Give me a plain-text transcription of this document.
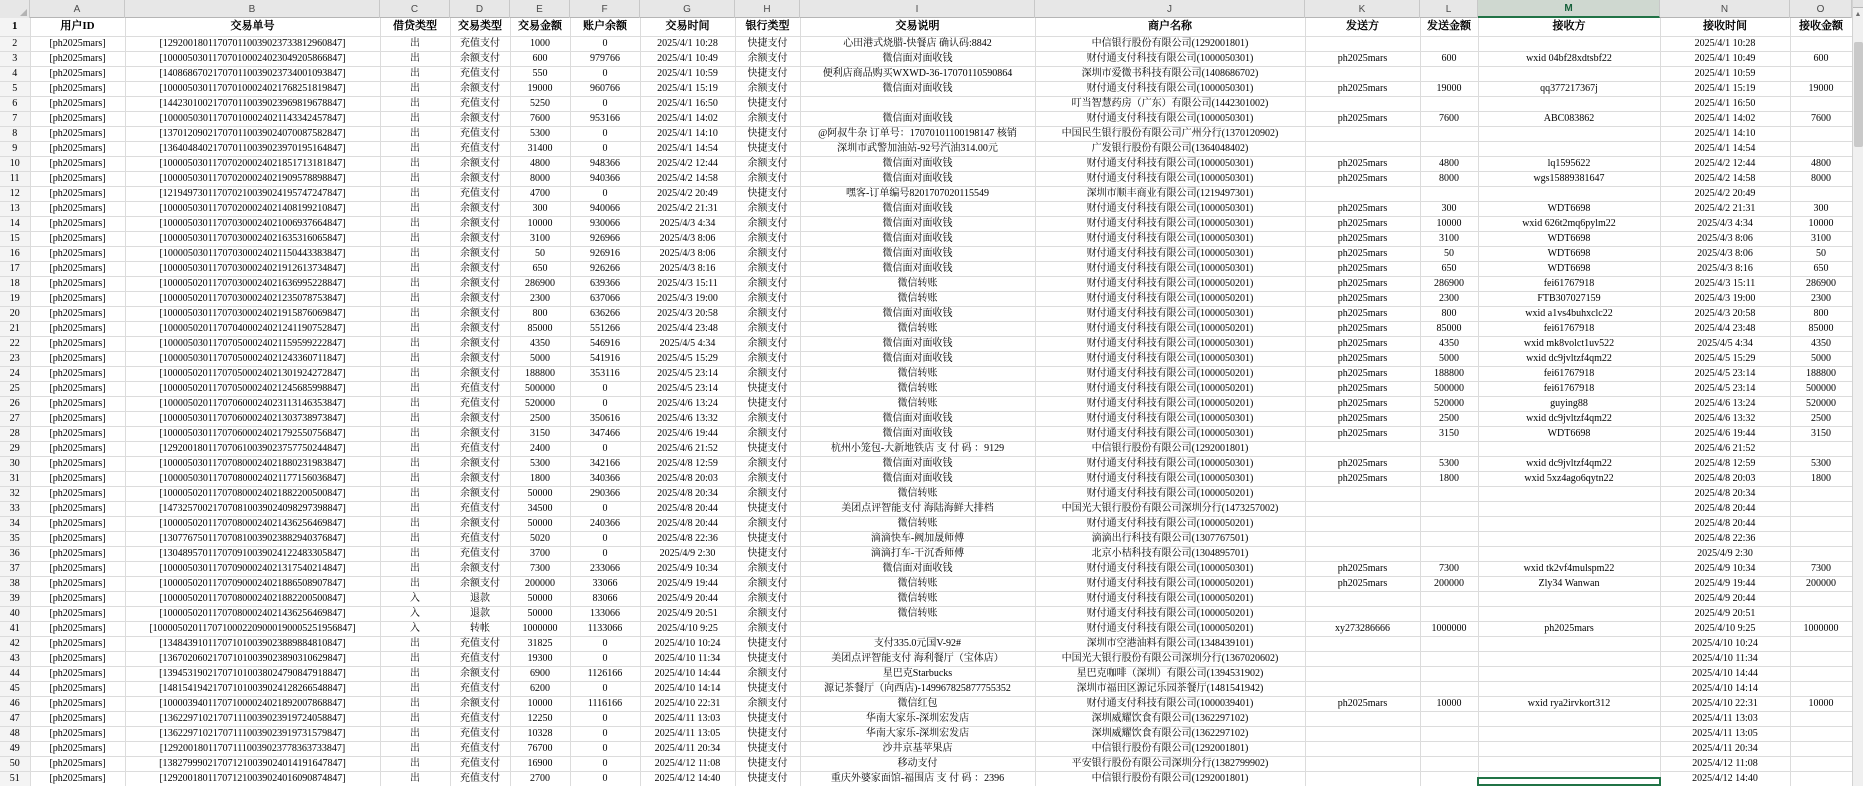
A	B	C	D	E	F	G	H	I	J	K	L	M	N	O
1	用户ID	交易单号	借贷类型	交易类型	交易金额	账户余额	交易时间	银行类型	交易说明	商户名称	发送方	发送金额	接收方	接收时间	接收金额
2	[ph2025mars]	[129200180117070110039023733812960847]	出	充值支付	1000	0	2025/4/1 10:28	快捷支付	心田港式烧腊-快餐店 确认码:8842	中信银行股份有限公司(1292001801)				2025/4/1 10:28	
3	[ph2025mars]	[100005030117070100024023049205866847]	出	余额支付	600	979766	2025/4/1 10:49	余额支付	微信面对面收钱	财付通支付科技有限公司(1000050301)	ph2025mars	600	wxid 04bf28xdtsbf22	2025/4/1 10:49	600
4	[ph2025mars]	[140868670217070110039023734001093847]	出	充值支付	550	0	2025/4/1 10:59	快捷支付	便利店商品购买WXWD-36-17070110590864	深圳市爱微书科技有限公司(1408686702)				2025/4/1 10:59	
5	[ph2025mars]	[100005030117070100024021768251819847]	出	余额支付	19000	960766	2025/4/1 15:19	余额支付	微信面对面收钱	财付通支付科技有限公司(1000050301)	ph2025mars	19000	qq377217367j	2025/4/1 15:19	19000
6	[ph2025mars]	[144230100217070110039023969819678847]	出	充值支付	5250	0	2025/4/1 16:50	快捷支付		叮当智慧药房（广东）有限公司(1442301002)				2025/4/1 16:50	
7	[ph2025mars]	[100005030117070100024021143342457847]	出	余额支付	7600	953166	2025/4/1 14:02	余额支付	微信面对面收钱	财付通支付科技有限公司(1000050301)	ph2025mars	7600	ABC083862	2025/4/1 14:02	7600
8	[ph2025mars]	[137012090217070110039024070087582847]	出	充值支付	5300	0	2025/4/1 14:10	快捷支付	@阿叔牛杂 订单号：17070101100198147 核销	中国民生银行股份有限公司广州分行(1370120902)				2025/4/1 14:10	
9	[ph2025mars]	[136404840217070110039023970195164847]	出	充值支付	31400	0	2025/4/1 14:54	快捷支付	深圳市武警加油站-92号汽油314.00元	广发银行股份有限公司(1364048402)				2025/4/1 14:54	
10	[ph2025mars]	[100005030117070200024021851713181847]	出	余额支付	4800	948366	2025/4/2 12:44	余额支付	微信面对面收钱	财付通支付科技有限公司(1000050301)	ph2025mars	4800	lq1595622	2025/4/2 12:44	4800
11	[ph2025mars]	[100005030117070200024021909578898847]	出	余额支付	8000	940366	2025/4/2 14:58	余额支付	微信面对面收钱	财付通支付科技有限公司(1000050301)	ph2025mars	8000	wgs15889381647	2025/4/2 14:58	8000
12	[ph2025mars]	[121949730117070210039024195747247847]	出	充值支付	4700	0	2025/4/2 20:49	快捷支付	嘿客-订单编号8201707020115549	深圳市顺丰商业有限公司(1219497301)				2025/4/2 20:49	
13	[ph2025mars]	[100005030117070200024021408199210847]	出	余额支付	300	940066	2025/4/2 21:31	余额支付	微信面对面收钱	财付通支付科技有限公司(1000050301)	ph2025mars	300	WDT6698	2025/4/2 21:31	300
14	[ph2025mars]	[100005030117070300024021006937664847]	出	余额支付	10000	930066	2025/4/3 4:34	余额支付	微信面对面收钱	财付通支付科技有限公司(1000050301)	ph2025mars	10000	wxid 626t2mq6pylm22	2025/4/3 4:34	10000
15	[ph2025mars]	[100005030117070300024021635316065847]	出	余额支付	3100	926966	2025/4/3 8:06	余额支付	微信面对面收钱	财付通支付科技有限公司(1000050301)	ph2025mars	3100	WDT6698	2025/4/3 8:06	3100
16	[ph2025mars]	[100005030117070300024021150443383847]	出	余额支付	50	926916	2025/4/3 8:06	余额支付	微信面对面收钱	财付通支付科技有限公司(1000050301)	ph2025mars	50	WDT6698	2025/4/3 8:06	50
17	[ph2025mars]	[100005030117070300024021912613734847]	出	余额支付	650	926266	2025/4/3 8:16	余额支付	微信面对面收钱	财付通支付科技有限公司(1000050301)	ph2025mars	650	WDT6698	2025/4/3 8:16	650
18	[ph2025mars]	[100005020117070300024021636995228847]	出	余额支付	286900	639366	2025/4/3 15:11	余额支付	微信转账	财付通支付科技有限公司(1000050201)	ph2025mars	286900	fei61767918	2025/4/3 15:11	286900
19	[ph2025mars]	[100005020117070300024021235078753847]	出	余额支付	2300	637066	2025/4/3 19:00	余额支付	微信转账	财付通支付科技有限公司(1000050201)	ph2025mars	2300	FTB307027159	2025/4/3 19:00	2300
20	[ph2025mars]	[100005030117070300024021915876069847]	出	余额支付	800	636266	2025/4/3 20:58	余额支付	微信面对面收钱	财付通支付科技有限公司(1000050301)	ph2025mars	800	wxid a1vs4buhxclc22	2025/4/3 20:58	800
21	[ph2025mars]	[100005020117070400024021241190752847]	出	余额支付	85000	551266	2025/4/4 23:48	余额支付	微信转账	财付通支付科技有限公司(1000050201)	ph2025mars	85000	fei61767918	2025/4/4 23:48	85000
22	[ph2025mars]	[100005030117070500024021159599222847]	出	余额支付	4350	546916	2025/4/5 4:34	余额支付	微信面对面收钱	财付通支付科技有限公司(1000050301)	ph2025mars	4350	wxid mk8volct1uv522	2025/4/5 4:34	4350
23	[ph2025mars]	[100005030117070500024021243360711847]	出	余额支付	5000	541916	2025/4/5 15:29	余额支付	微信面对面收钱	财付通支付科技有限公司(1000050301)	ph2025mars	5000	wxid dc9jvltzf4qm22	2025/4/5 15:29	5000
24	[ph2025mars]	[100005020117070500024021301924272847]	出	余额支付	188800	353116	2025/4/5 23:14	余额支付	微信转账	财付通支付科技有限公司(1000050201)	ph2025mars	188800	fei61767918	2025/4/5 23:14	188800
25	[ph2025mars]	[100005020117070500024021245685998847]	出	充值支付	500000	0	2025/4/5 23:14	快捷支付	微信转账	财付通支付科技有限公司(1000050201)	ph2025mars	500000	fei61767918	2025/4/5 23:14	500000
26	[ph2025mars]	[100005020117070600024023113146353847]	出	充值支付	520000	0	2025/4/6 13:24	快捷支付	微信转账	财付通支付科技有限公司(1000050201)	ph2025mars	520000	guying88	2025/4/6 13:24	520000
27	[ph2025mars]	[100005030117070600024021303738973847]	出	余额支付	2500	350616	2025/4/6 13:32	余额支付	微信面对面收钱	财付通支付科技有限公司(1000050301)	ph2025mars	2500	wxid dc9jvltzf4qm22	2025/4/6 13:32	2500
28	[ph2025mars]	[100005030117070600024021792550756847]	出	余额支付	3150	347466	2025/4/6 19:44	余额支付	微信面对面收钱	财付通支付科技有限公司(1000050301)	ph2025mars	3150	WDT6698	2025/4/6 19:44	3150
29	[ph2025mars]	[129200180117070610039023757750244847]	出	充值支付	2400	0	2025/4/6 21:52	快捷支付	杭州小笼包-大新地铁店 支 付 码 ：9129	中信银行股份有限公司(1292001801)				2025/4/6 21:52	
30	[ph2025mars]	[100005030117070800024021880231983847]	出	余额支付	5300	342166	2025/4/8 12:59	余额支付	微信面对面收钱	财付通支付科技有限公司(1000050301)	ph2025mars	5300	wxid dc9jvltzf4qm22	2025/4/8 12:59	5300
31	[ph2025mars]	[100005030117070800024021177156036847]	出	余额支付	1800	340366	2025/4/8 20:03	余额支付	微信面对面收钱	财付通支付科技有限公司(1000050301)	ph2025mars	1800	wxid 5xz4ago6qytn22	2025/4/8 20:03	1800
32	[ph2025mars]	[100005020117070800024021882200500847]	出	余额支付	50000	290366	2025/4/8 20:34	余额支付	微信转账	财付通支付科技有限公司(1000050201)				2025/4/8 20:34	
33	[ph2025mars]	[147325700217070810039024098297398847]	出	充值支付	34500	0	2025/4/8 20:44	快捷支付	美团点评智能支付 海陆海鲜大排档	中国光大银行股份有限公司深圳分行(1473257002)				2025/4/8 20:44	
34	[ph2025mars]	[100005020117070800024021436256469847]	出	余额支付	50000	240366	2025/4/8 20:44	余额支付	微信转账	财付通支付科技有限公司(1000050201)				2025/4/8 20:44	
35	[ph2025mars]	[130776750117070810039023882940376847]	出	充值支付	5020	0	2025/4/8 22:36	快捷支付	滴滴快车-阙加晟师傅	滴滴出行科技有限公司(1307767501)				2025/4/8 22:36	
36	[ph2025mars]	[130489570117070910039024122483305847]	出	充值支付	3700	0	2025/4/9 2:30	快捷支付	滴滴打车-干沉香师傅	北京小桔科技有限公司(1304895701)				2025/4/9 2:30	
37	[ph2025mars]	[100005030117070900024021317540214847]	出	余额支付	7300	233066	2025/4/9 10:34	余额支付	微信面对面收钱	财付通支付科技有限公司(1000050301)	ph2025mars	7300	wxid tk2vf4mulspm22	2025/4/9 10:34	7300
38	[ph2025mars]	[100005020117070900024021886508907847]	出	余额支付	200000	33066	2025/4/9 19:44	余额支付	微信转账	财付通支付科技有限公司(1000050201)	ph2025mars	200000	Zly34 Wanwan	2025/4/9 19:44	200000
39	[ph2025mars]	[100005020117070800024021882200500847]	入	退款	50000	83066	2025/4/9 20:44	余额支付	微信转账	财付通支付科技有限公司(1000050201)				2025/4/9 20:44	
40	[ph2025mars]	[100005020117070800024021436256469847]	入	退款	50000	133066	2025/4/9 20:51	余额支付	微信转账	财付通支付科技有限公司(1000050201)				2025/4/9 20:51	
41	[ph2025mars]	[1000050201170710002209000190005251956847]	入	转帐	1000000	1133066	2025/4/10 9:25	余额支付		财付通支付科技有限公司(1000050201)	xy273286666	1000000	ph2025mars	2025/4/10 9:25	1000000
42	[ph2025mars]	[134843910117071010039023889884810847]	出	充值支付	31825	0	2025/4/10 10:24	快捷支付	支付335.0元国V-92#	深圳市空港油料有限公司(1348439101)				2025/4/10 10:24	
43	[ph2025mars]	[136702060217071010039023890310629847]	出	充值支付	19300	0	2025/4/10 11:34	快捷支付	美团点评智能支付 海利餐厅（宝体店）	中国光大银行股份有限公司深圳分行(1367020602)				2025/4/10 11:34	
44	[ph2025mars]	[139453190217071010038024790847918847]	出	余额支付	6900	1126166	2025/4/10 14:44	余额支付	星巴克Starbucks	星巴克咖啡（深圳）有限公司(1394531902)				2025/4/10 14:44	
45	[ph2025mars]	[148154194217071010039024128266548847]	出	充值支付	6200	0	2025/4/10 14:14	快捷支付	源记茶餐厅（向西店)-149967825877755352	深圳市福田区源记乐园茶餐厅(1481541942)				2025/4/10 14:14	
46	[ph2025mars]	[100003940117071000024021892007868847]	出	余额支付	10000	1116166	2025/4/10 22:31	余额支付	微信红包	财付通支付科技有限公司(1000039401)	ph2025mars	10000	wxid rya2irvkort312	2025/4/10 22:31	10000
47	[ph2025mars]	[136229710217071110039023919724058847]	出	充值支付	12250	0	2025/4/11 13:03	快捷支付	华南大家乐-深圳宏发店	深圳威耀饮食有限公司(1362297102)				2025/4/11 13:03	
48	[ph2025mars]	[136229710217071110039023919731579847]	出	充值支付	10328	0	2025/4/11 13:05	快捷支付	华南大家乐-深圳宏发店	深圳威耀饮食有限公司(1362297102)				2025/4/11 13:05	
49	[ph2025mars]	[129200180117071110039023778363733847]	出	充值支付	76700	0	2025/4/11 20:34	快捷支付	沙井京基苹果店	中信银行股份有限公司(1292001801)				2025/4/11 20:34	
50	[ph2025mars]	[138279990217071210039024014191647847]	出	充值支付	16900	0	2025/4/12 11:08	快捷支付	移动支付	平安银行股份有限公司深圳分行(1382799902)				2025/4/12 11:08	
51	[ph2025mars]	[129200180117071210039024016090874847]	出	充值支付	2700	0	2025/4/12 14:40	快捷支付	重庆外婆家面馆-福围店 支 付 码 ：2396	中信银行股份有限公司(1292001801)				2025/4/12 14:40	
▲
